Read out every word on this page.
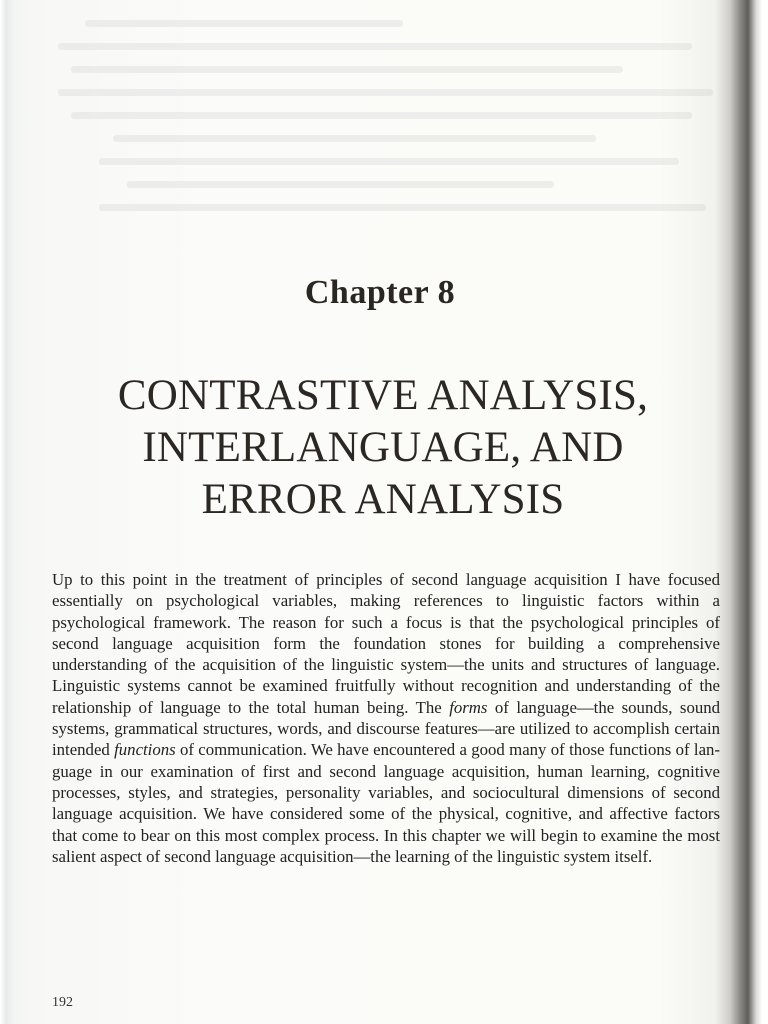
Chapter 8
CONTRASTIVE ANALYSIS,
INTERLANGUAGE, AND
ERROR ANALYSIS

Up to this point in the treatment of principles of second language acquisition I have focused essentially on psychological variables, making references to linguistic factors within a psychological framework. The reason for such a focus is that the psychological principles of second language acquisition form the foundation stones for building a comprehensive understanding of the acquisition of the linguistic system—the units and structures of language. Linguistic systems cannot be examined fruitfully without recognition and understanding of the relationship of language to the total human being. The forms of language—the sounds, sound systems, grammatical structures, words, and discourse features—are utilized to accomplish certain intended functions of communication. We have encountered a good many of those functions of language in our examination of first and second language acquisition, human learning, cognitive processes, styles, and strategies, personality variables, and sociocultural dimensions of second language acquisition. We have considered some of the physical, cognitive, and affective factors that come to bear on this most complex process. In this chapter we will begin to examine the most salient aspect of second language acquisition—the learning of the linguistic system itself.

192
